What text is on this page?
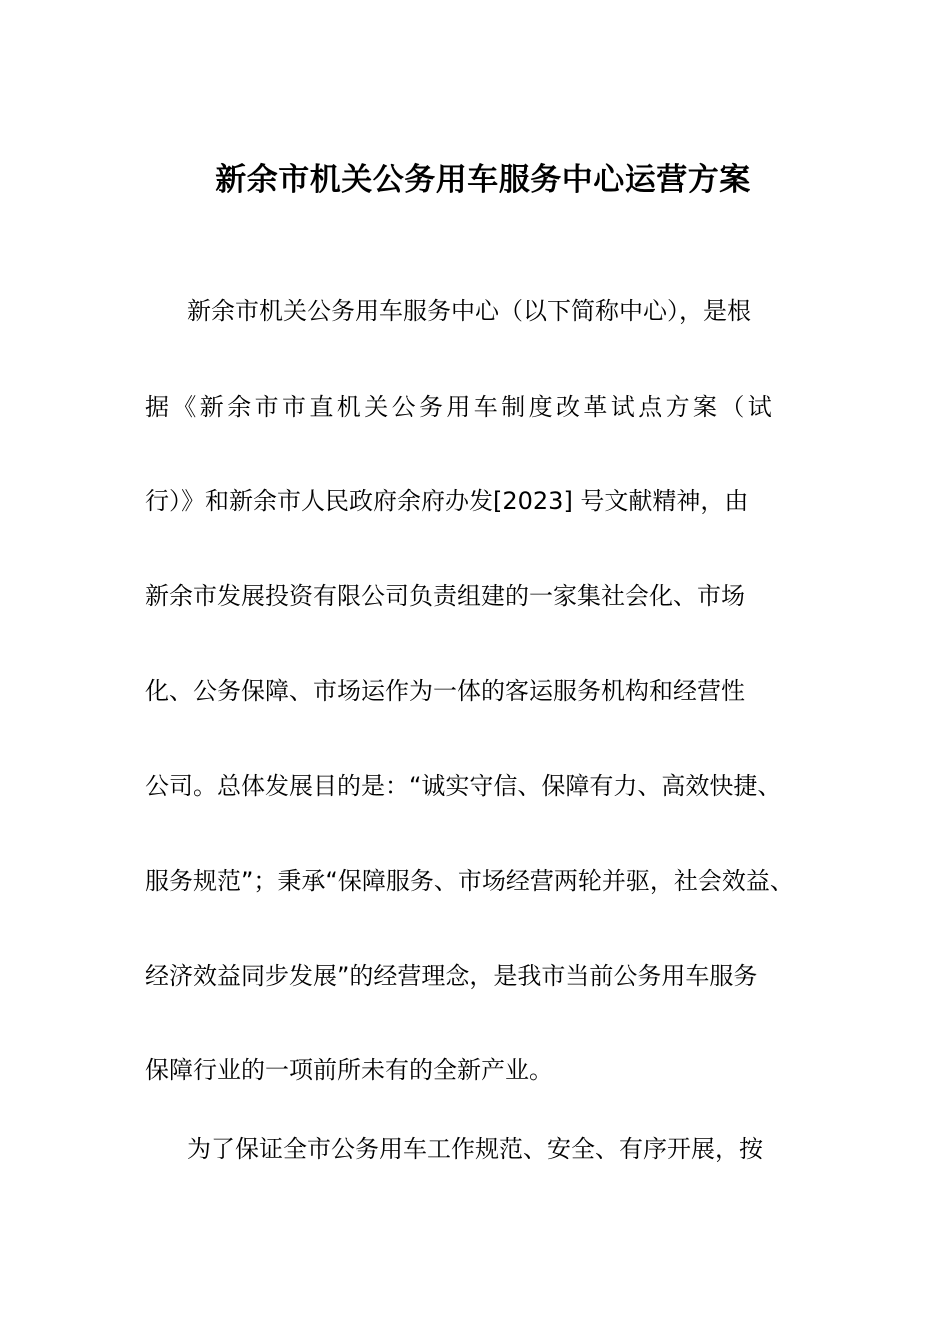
新余市机关公务用车服务中心运营方案
新余市机关公务用车服务中心（以下简称中心），是根
据《新余市市直机关公务用车制度改革试点方案（试
行）》和新余市人民政府余府办发[2023] 号文献精神，由
新余市发展投资有限公司负责组建的一家集社会化、市场
化、公务保障、市场运作为一体的客运服务机构和经营性
公司。总体发展目的是：“诚实守信、保障有力、高效快捷、
服务规范”；秉承“保障服务、市场经营两轮并驱，社会效益、
经济效益同步发展”的经营理念，是我市当前公务用车服务
保障行业的一项前所未有的全新产业。
为了保证全市公务用车工作规范、安全、有序开展，按
